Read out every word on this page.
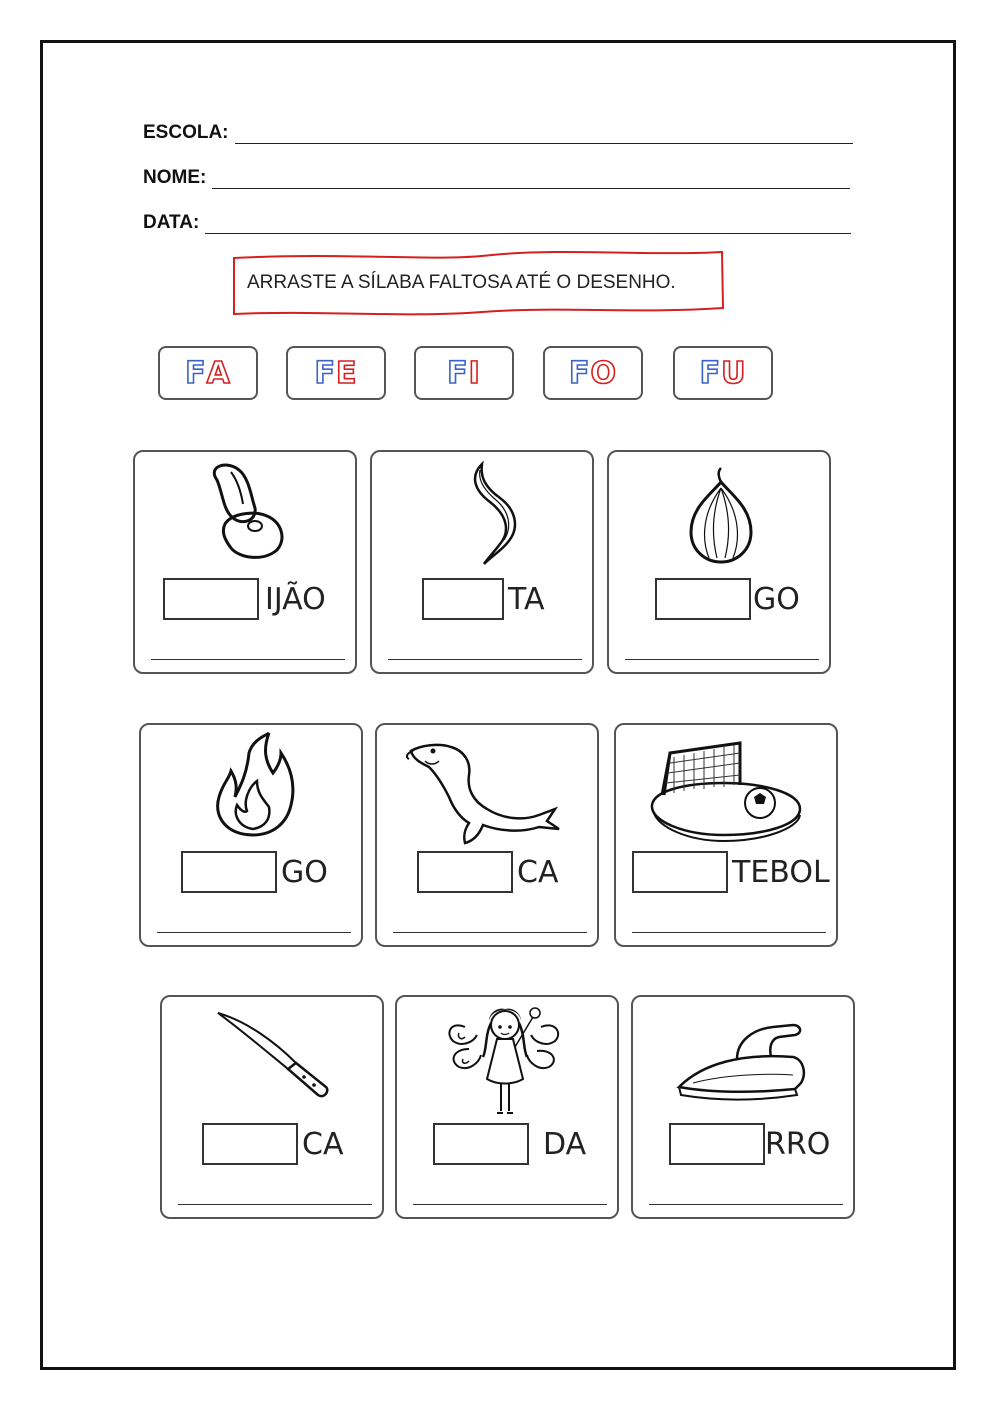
ESCOLA:
NOME:
DATA:
ARRASTE A SÍLABA FALTOSA ATÉ O DESENHO.
F A	F E	F I	F O	F U
IJÃO	TA	GO
GO	CA	TEBOL
CA	DA	RRO
